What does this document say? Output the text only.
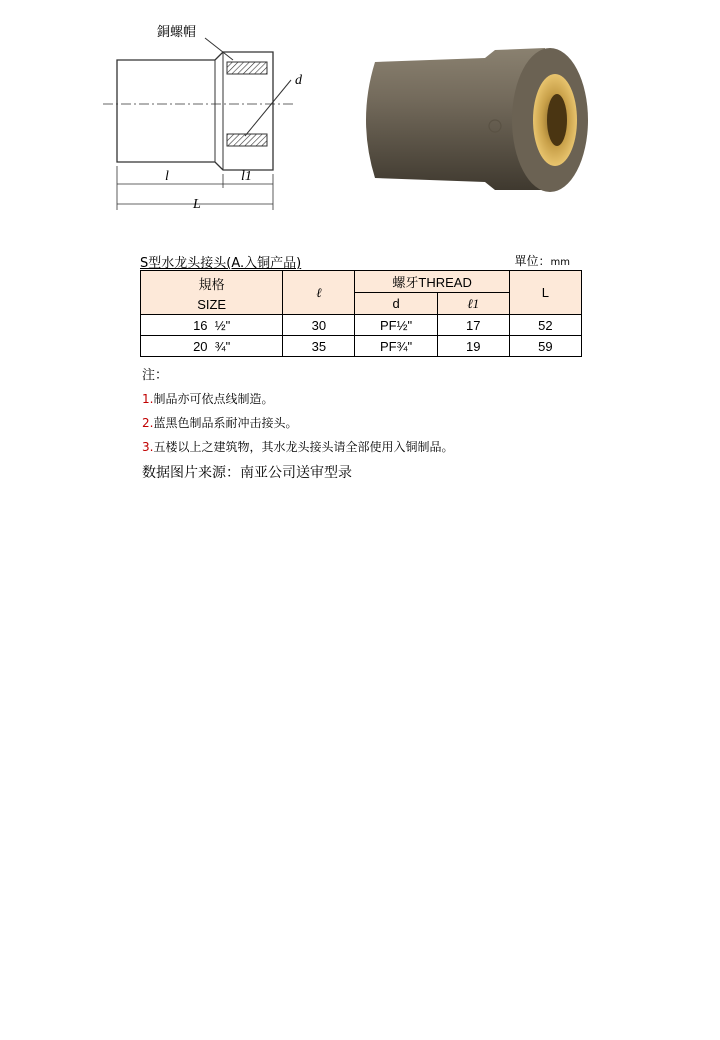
銅螺帽
d
l	l1
L
S型水龙头接头(A.入铜产品)	單位：mm
規格
SIZE	ℓ	螺牙THREAD		L
		d	ℓ1	
16  ½"	30	PF½"	17	52
20  ¾"	35	PF¾"	19	59
注：
1.制品亦可依点线制造。
2.蓝黑色制品系耐冲击接头。
3.五楼以上之建筑物，其水龙头接头请全部使用入铜制品。
数据图片来源：南亚公司送审型录
